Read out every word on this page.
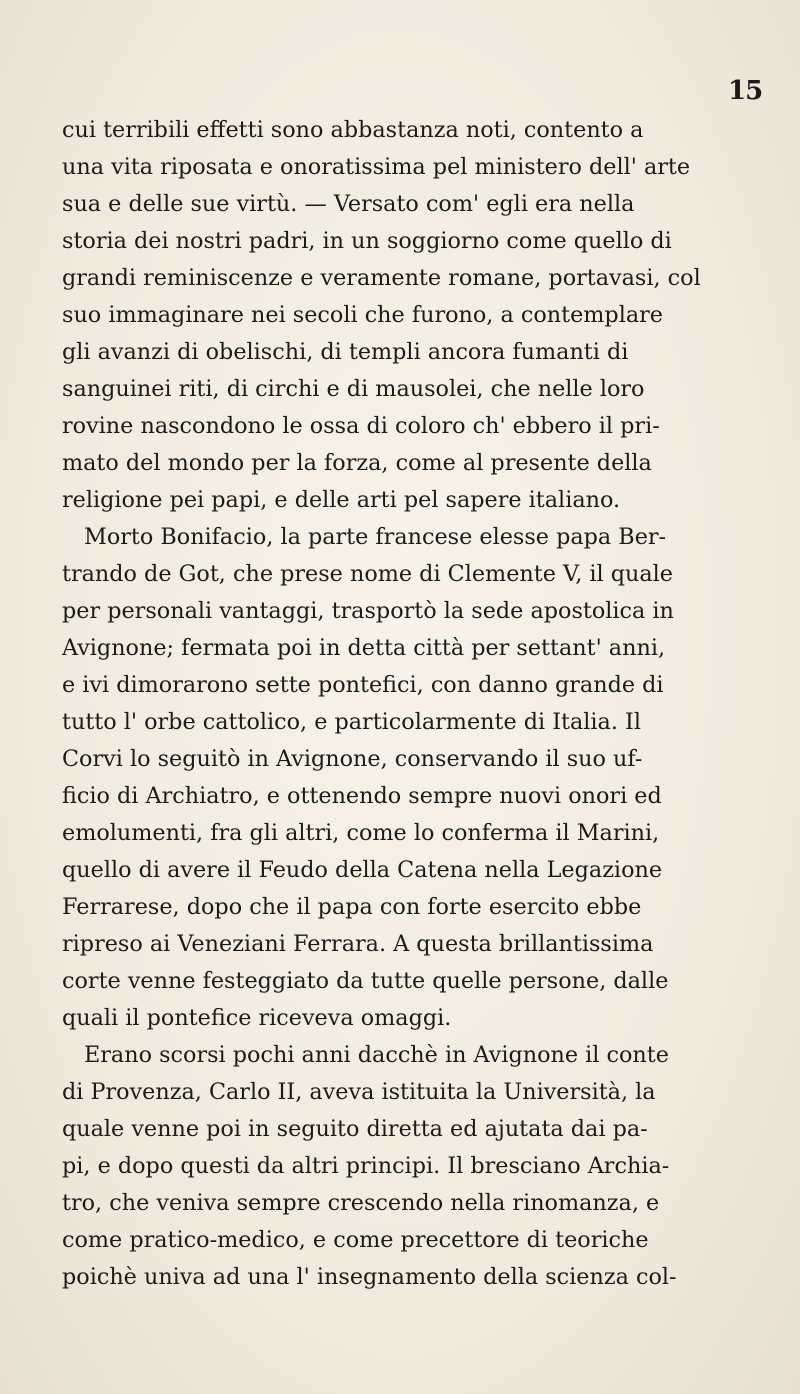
15
cui terribili effetti sono abbastanza noti, contento a
una vita riposata e onoratissima pel ministero dell' arte
sua e delle sue virtù. — Versato com' egli era nella
storia dei nostri padri, in un soggiorno come quello di
grandi reminiscenze e veramente romane, portavasi, col
suo immaginare nei secoli che furono, a contemplare
gli avanzi di obelischi, di templi ancora fumanti di
sanguinei riti, di circhi e di mausolei, che nelle loro
rovine nascondono le ossa di coloro ch' ebbero il pri-
mato del mondo per la forza, come al presente della
religione pei papi, e delle arti pel sapere italiano.
Morto Bonifacio, la parte francese elesse papa Ber-
trando de Got, che prese nome di Clemente V, il quale
per personali vantaggi, trasportò la sede apostolica in
Avignone; fermata poi in detta città per settant' anni,
e ivi dimorarono sette pontefici, con danno grande di
tutto l' orbe cattolico, e particolarmente di Italia. Il
Corvi lo seguitò in Avignone, conservando il suo uf-
ficio di Archiatro, e ottenendo sempre nuovi onori ed
emolumenti, fra gli altri, come lo conferma il Marini,
quello di avere il Feudo della Catena nella Legazione
Ferrarese, dopo che il papa con forte esercito ebbe
ripreso ai Veneziani Ferrara. A questa brillantissima
corte venne festeggiato da tutte quelle persone, dalle
quali il pontefice riceveva omaggi.
Erano scorsi pochi anni dacchè in Avignone il conte
di Provenza, Carlo II, aveva istituita la Università, la
quale venne poi in seguito diretta ed ajutata dai pa-
pi, e dopo questi da altri principi. Il bresciano Archia-
tro, che veniva sempre crescendo nella rinomanza, e
come pratico-medico, e come precettore di teoriche
poichè univa ad una l' insegnamento della scienza col-
